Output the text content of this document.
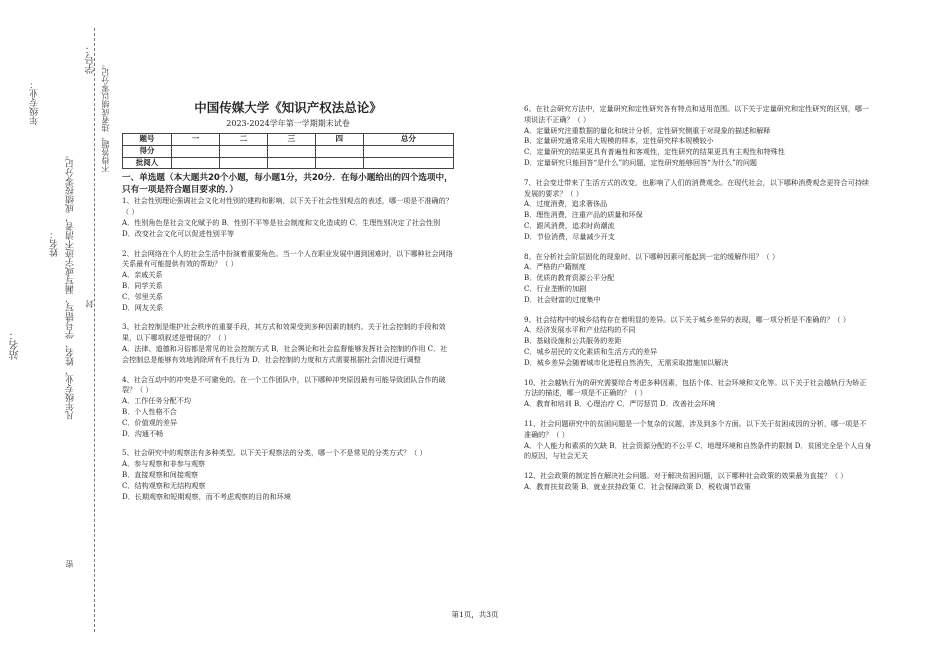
站名：
年级专业：
学号：
姓名： 凡年级专业、姓名、学号错写、漏写或字迹不清者，成绩按零分记。 封
不得答题，违者成绩以零分记。
密
中国传媒大学《知识产权法总论》
2023-2024学年第一学期期末试卷
题号	一	二	三	四	总分
得分					
批阅人					
一、单选题（本大题共20个小题，每小题1分，共20分．在每小题给出的四个选项中，只有一项是符合题目要求的．）

1、社会性别理论强调社会文化对性别的建构和影响，以下关于社会性别观点的表述，哪一项是不准确的？（ ）

A．性别角色是社会文化赋予的 B．性别不平等是社会制度和文化造成的 C．生理性别决定了社会性别 D．改变社会文化可以促进性别平等

2、社会网络在个人的社会生活中扮演着重要角色。当一个人在职业发展中遇到困难时，以下哪种社会网络关系最有可能提供有效的帮助？（ ）

A．亲戚关系

B．同学关系

C．邻里关系

D．网友关系

3、社会控制是维护社会秩序的重要手段，其方式和效果受到多种因素的制约。关于社会控制的手段和效果，以下哪项叙述是错误的？（ ）

A．法律、道德和习俗都是常见的社会控制方式 B．社会舆论和社会监督能够发挥社会控制的作用 C．社会控制总是能够有效地消除所有不良行为 D．社会控制的力度和方式需要根据社会情况进行调整

4、社会互动中的冲突是不可避免的。在一个工作团队中，以下哪种冲突原因最有可能导致团队合作的破裂？（ ）

A．工作任务分配不均

B．个人性格不合

C．价值观的差异

D．沟通不畅

5、社会研究中的观察法有多种类型。以下关于观察法的分类，哪一个不是常见的分类方式？（ ）

A．参与观察和非参与观察

B．直接观察和间接观察

C．结构观察和无结构观察

D．长期观察和短期观察，而不考虑观察的目的和环境

6、在社会研究方法中，定量研究和定性研究各有特点和适用范围。以下关于定量研究和定性研究的区别，哪一项说法不正确？（ ）

A．定量研究注重数据的量化和统计分析，定性研究侧重于对现象的描述和解释

B．定量研究通常采用大规模的样本，定性研究样本规模较小

C．定量研究的结果更具有普遍性和客观性，定性研究的结果更具有主观性和特殊性

D．定量研究只能回答“是什么”的问题，定性研究能够回答“为什么”的问题

7、社会变迁带来了生活方式的改变，也影响了人们的消费观念。在现代社会，以下哪种消费观念更符合可持续发展的要求？（ ）

A．过度消费，追求奢侈品

B．理性消费，注重产品的质量和环保

C．跟风消费，追求时尚潮流

D．节俭消费，尽量减少开支

8、在分析社会阶层固化的现象时，以下哪种因素可能起到一定的缓解作用？（ ）

A．严格的户籍制度

B．优质的教育资源公平分配

C．行业垄断的加剧

D．社会财富的过度集中

9、社会结构中的城乡结构存在着明显的差异。以下关于城乡差异的表现，哪一项分析是不准确的？（ ）

A．经济发展水平和产业结构的不同

B．基础设施和公共服务的差距

C．城乡居民的文化素质和生活方式的差异

D．城乡差异会随着城市化进程自然消失，无需采取措施加以解决

10、社会越轨行为的研究需要综合考虑多种因素，包括个体、社会环境和文化等。以下关于社会越轨行为矫正方法的描述，哪一项是不正确的？（ ）

A．教育和培训 B．心理治疗 C．严厉惩罚 D．改善社会环境

11、社会问题研究中的贫困问题是一个复杂的议题，涉及到多个方面。以下关于贫困成因的分析，哪一项是不准确的？（ ）

A．个人能力和素质的欠缺 B．社会资源分配的不公平 C．地理环境和自然条件的限制 D．贫困完全是个人自身的原因，与社会无关

12、社会政策的制定旨在解决社会问题。对于解决贫困问题，以下哪种社会政策的效果最为直接？（ ）

A．教育扶贫政策 B．就业扶持政策 C．社会保障政策 D．税收调节政策

第1页，共3页
